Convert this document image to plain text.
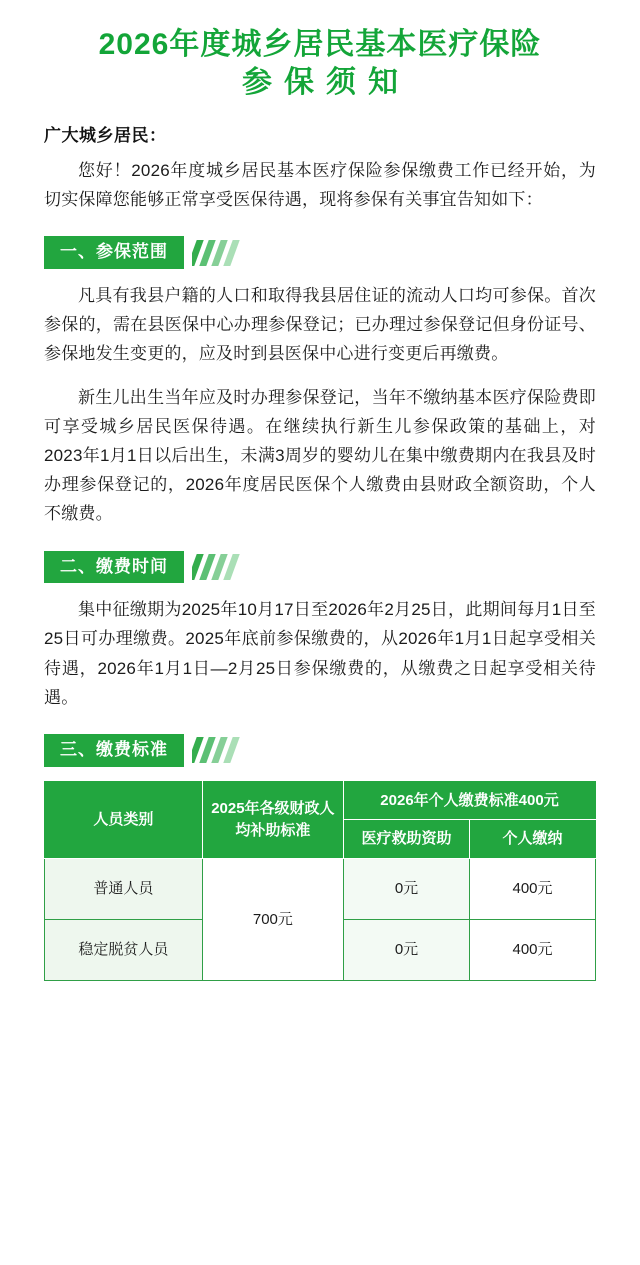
2026年度城乡居民基本医疗保险
参保须知
广大城乡居民：

您好！2026年度城乡居民基本医疗保险参保缴费工作已经开始，为切实保障您能够正常享受医保待遇，现将参保有关事宜告知如下：

一、参保范围

凡具有我县户籍的人口和取得我县居住证的流动人口均可参保。首次参保的，需在县医保中心办理参保登记；已办理过参保登记但身份证号、参保地发生变更的，应及时到县医保中心进行变更后再缴费。

新生儿出生当年应及时办理参保登记，当年不缴纳基本医疗保险费即可享受城乡居民医保待遇。在继续执行新生儿参保政策的基础上，对2023年1月1日以后出生，未满3周岁的婴幼儿在集中缴费期内在我县及时办理参保登记的，2026年度居民医保个人缴费由县财政全额资助，个人不缴费。

二、缴费时间

集中征缴期为2025年10月17日至2026年2月25日，此期间每月1日至25日可办理缴费。2025年底前参保缴费的，从2026年1月1日起享受相关待遇，2026年1月1日—2月25日参保缴费的，从缴费之日起享受相关待遇。

三、缴费标准
人员类别	2025年各级财政人均补助标准	2026年个人缴费标准400元	
		医疗救助资助	个人缴纳
普通人员	700元	0元	400元
稳定脱贫人员		0元	400元
